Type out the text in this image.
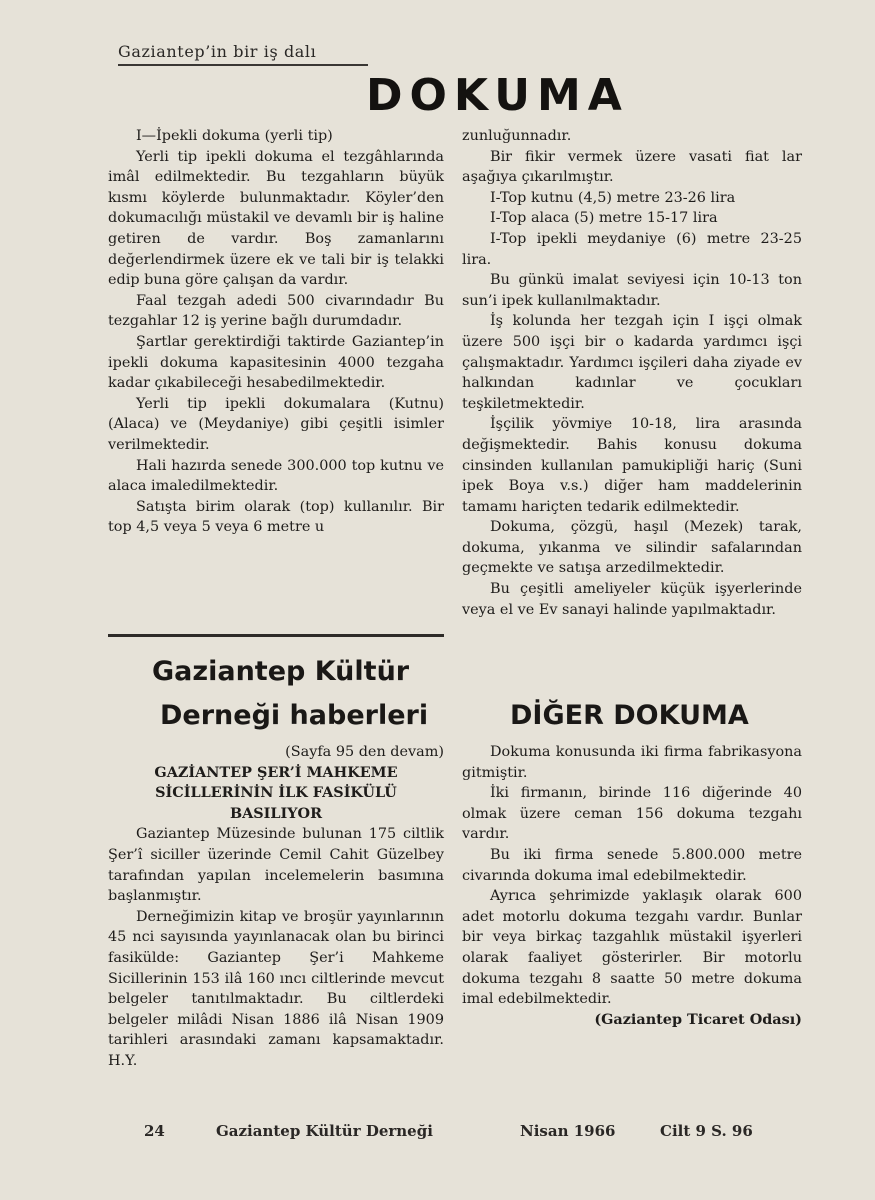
Gaziantep’in bir iş dalı
DOKUMA

I—İpekli dokuma (yerli tip)

Yerli tip ipekli dokuma el tezgâhlarında imâl edilmektedir. Bu tezgahların büyük kısmı köylerde bulunmaktadır. Köyler’den dokumacılığı müstakil ve devamlı bir iş haline getiren de vardır. Boş zamanlarını değerlendirmek üzere ek ve tali bir iş telakki edip buna göre çalışan da vardır.

Faal tezgah adedi 500 civarındadır Bu tezgahlar 12 iş yerine bağlı durumdadır.

Şartlar gerektirdiği taktirde Gaziantep’in ipekli dokuma kapasitesinin 4000 tezgaha kadar çıkabileceği hesabedilmektedir.

Yerli tip ipekli dokumalara (Kutnu) (Alaca) ve (Meydaniye) gibi çeşitli isimler verilmektedir.

Hali hazırda senede 300.000 top kutnu ve alaca imaledilmektedir.

Satışta birim olarak (top) kullanılır. Bir top 4,5 veya 5 veya 6 metre u

zunluğunnadır.

Bir fikir vermek üzere vasati fiat lar aşağıya çıkarılmıştır.

I-Top kutnu (4,5) metre 23-26 lira

I-Top alaca (5) metre 15-17 lira

I-Top ipekli meydaniye (6) metre 23-25 lira.

Bu günkü imalat seviyesi için 10-13 ton sun’i ipek kullanılmaktadır.

İş kolunda her tezgah için I işçi olmak üzere 500 işçi bir o kadarda yardımcı işçi çalışmaktadır. Yardımcı işçileri daha ziyade ev halkından kadınlar ve çocukları teşkiletmektedir.

İşçilik yövmiye 10-18, lira arasında değişmektedir. Bahis konusu dokuma cinsinden kullanılan pamukipliği hariç (Suni ipek Boya v.s.) diğer ham maddelerinin tamamı hariçten tedarik edilmektedir.

Dokuma, çözgü, haşıl (Mezek) tarak, dokuma, yıkanma ve silindir safalarından geçmekte ve satışa arzedilmektedir.

Bu çeşitli ameliyeler küçük işyerlerinde veya el ve Ev sanayi halinde yapılmaktadır.

Gaziantep Kültür
Derneği haberleri

(Sayfa 95 den devam)

GAZİANTEP ŞER’İ MAHKEME SİCİLLERİNİN İLK FASİKÜLÜ BASILIYOR

Gaziantep Müzesinde bulunan 175 ciltlik Şer’î siciller üzerinde Cemil Cahit Güzelbey tarafından yapılan incelemelerin basımına başlanmıştır.

Derneğimizin kitap ve broşür yayınlarının 45 nci sayısında yayınlanacak olan bu birinci fasikülde: Gaziantep Şer’i Mahkeme Sicillerinin 153 ilâ 160 ıncı ciltlerinde mevcut belgeler tanıtılmaktadır. Bu ciltlerdeki belgeler milâdi Nisan 1886 ilâ Nisan 1909 tarihleri arasındaki zamanı kapsamaktadır. H.Y.

DİĞER DOKUMA

Dokuma konusunda iki firma fabrikasyona gitmiştir.

İki firmanın, birinde 116 diğerinde 40 olmak üzere ceman 156 dokuma tezgahı vardır.

Bu iki firma senede 5.800.000 metre civarında dokuma imal edebilmektedir.

Ayrıca şehrimizde yaklaşık olarak 600 adet motorlu dokuma tezgahı vardır. Bunlar bir veya birkaç tazgahlık müstakil işyerleri olarak faaliyet gösterirler. Bir motorlu dokuma tezgahı 8 saatte 50 metre dokuma imal edebilmektedir.

(Gaziantep Ticaret Odası)

24	Gaziantep Kültür Derneği	Nisan 1966	Cilt 9 S. 96
